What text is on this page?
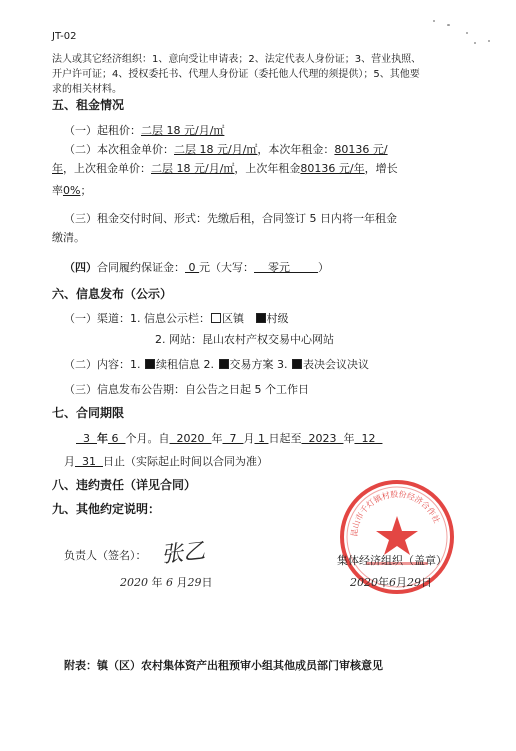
JT-02
法人或其它经济组织：1、意向受让申请表；2、法定代表人身份证；3、营业执照、
开户许可证；4、授权委托书、代理人身份证（委托他人代理的须提供）；5、其他要
求的相关材料。
五、租金情况
（一）起租价：二层 18 元/月/㎡
（二）本次租金单价：二层 18 元/月/㎡，本次年租金：80136 元/
年，上次租金单价：二层 18 元/月/㎡，上次年租金80136 元/年，增长
率0%；
（三）租金交付时间、形式：先缴后租，合同签订 5 日内将一年租金
缴清。
（四）合同履约保证金： 0 元（大写：    零元        ）
六、信息发布（公示）
（一）渠道：1. 信息公示栏： 区镇 村级
2. 网站：昆山农村产权交易中心网站
（二）内容：1. 续租信息 2. 交易方案 3. 表决会议决议
（三）信息发布公告期：自公告之日起 5 个工作日
七、合同期限
3  年 6  个月。自  2020  年  7  月 1 日起至  2023  年  12
月  31  日止（实际起止时间以合同为准）
八、违约责任（详见合同）
九、其他约定说明：
昆山市千灯镇村股份经济合作社
负责人（签名）： 张乙
2020 年 6 月29日
集体经济组织（盖章）
2020年6月29日
附表：镇（区）农村集体资产出租预审小组其他成员部门审核意见
